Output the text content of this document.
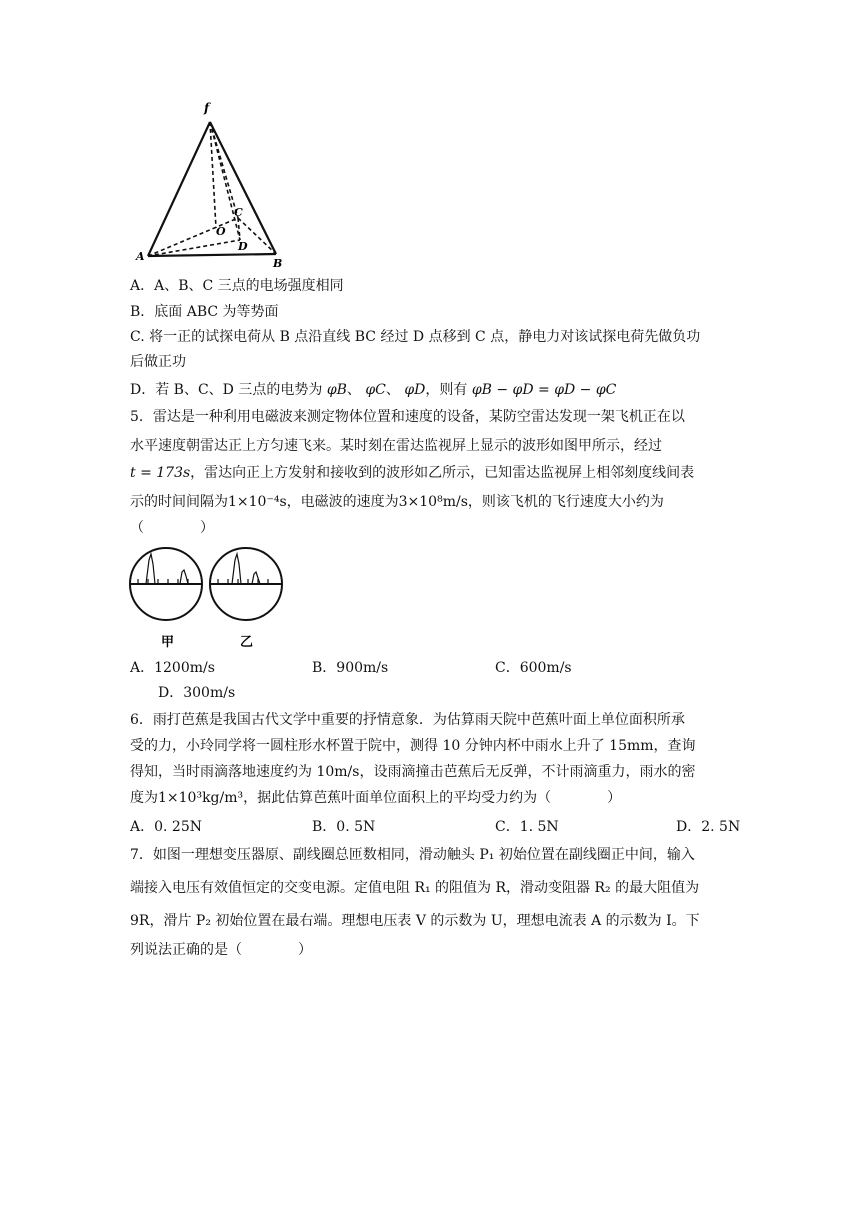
f
A
B
C
O
D
A．A、B、C 三点的电场强度相同
B．底面 ABC 为等势面
C. 将一正的试探电荷从 B 点沿直线 BC 经过 D 点移到 C 点，静电力对该试探电荷先做负功
后做正功
D．若 B、C、D 三点的电势为 φB、 φC、 φD，则有 φB − φD = φD − φC
5．雷达是一种利用电磁波来测定物体位置和速度的设备，某防空雷达发现一架飞机正在以
水平速度朝雷达正上方匀速飞来。某时刻在雷达监视屏上显示的波形如图甲所示，经过
t = 173s，雷达向正上方发射和接收到的波形如乙所示，已知雷达监视屏上相邻刻度线间表
示的时间间隔为1×10⁻⁴s，电磁波的速度为3×10⁸m/s，则该飞机的飞行速度大小约为
（　　　　）
甲	乙
A．1200m/s	B．900m/s	C．600m/s
D．300m/s
6．雨打芭蕉是我国古代文学中重要的抒情意象．为估算雨天院中芭蕉叶面上单位面积所承
受的力，小玲同学将一圆柱形水杯置于院中，测得 10 分钟内杯中雨水上升了 15mm，查询
得知，当时雨滴落地速度约为 10m/s，设雨滴撞击芭蕉后无反弹，不计雨滴重力，雨水的密
度为1×10³kg/m³，据此估算芭蕉叶面单位面积上的平均受力约为（　　　　）
A．0. 25N	B．0. 5N	C．1. 5N	D．2. 5N
7．如图一理想变压器原、副线圈总匝数相同，滑动触头 P₁ 初始位置在副线圈正中间，输入
端接入电压有效值恒定的交变电源。定值电阻 R₁ 的阻值为 R，滑动变阻器 R₂ 的最大阻值为
9R，滑片 P₂ 初始位置在最右端。理想电压表 V 的示数为 U，理想电流表 A 的示数为 I。下
列说法正确的是（　　　　）
